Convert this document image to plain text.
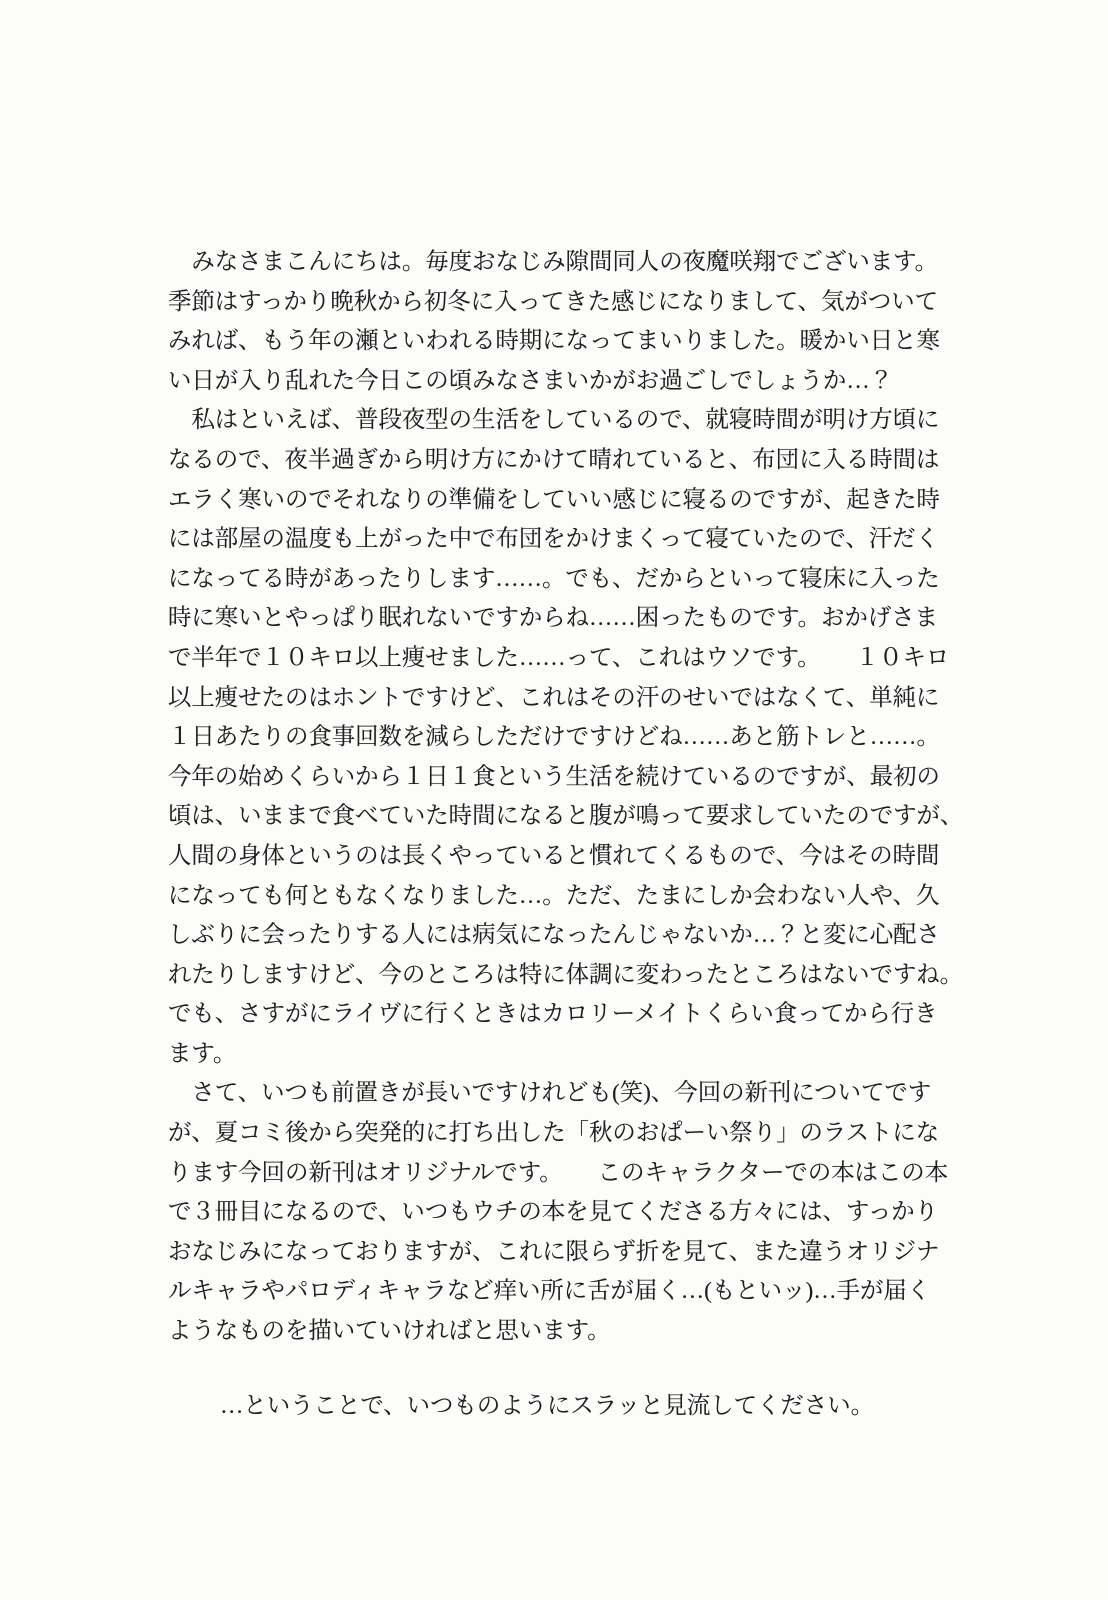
　みなさまこんにちは。毎度おなじみ隙間同人の夜魔咲翔でございます。
季節はすっかり晩秋から初冬に入ってきた感じになりまして、気がついて
みれば、もう年の瀬といわれる時期になってまいりました。暖かい日と寒
い日が入り乱れた今日この頃みなさまいかがお過ごしでしょうか…？
　私はといえば、普段夜型の生活をしているので、就寝時間が明け方頃に
なるので、夜半過ぎから明け方にかけて晴れていると、布団に入る時間は
エラく寒いのでそれなりの準備をしていい感じに寝るのですが、起きた時
には部屋の温度も上がった中で布団をかけまくって寝ていたので、汗だく
になってる時があったりします……。でも、だからといって寝床に入った
時に寒いとやっぱり眠れないですからね……困ったものです。おかげさま
で半年で１０キロ以上痩せました……って、これはウソです。　　１０キロ
以上痩せたのはホントですけど、これはその汗のせいではなくて、単純に
１日あたりの食事回数を減らしただけですけどね……あと筋トレと……。
今年の始めくらいから１日１食という生活を続けているのですが、最初の
頃は、いままで食べていた時間になると腹が鳴って要求していたのですが、
人間の身体というのは長くやっていると慣れてくるもので、今はその時間
になっても何ともなくなりました…。ただ、たまにしか会わない人や、久
しぶりに会ったりする人には病気になったんじゃないか…？と変に心配さ
れたりしますけど、今のところは特に体調に変わったところはないですね。
でも、さすがにライヴに行くときはカロリーメイトくらい食ってから行き
ます。
　さて、いつも前置きが長いですけれども(笑)、今回の新刊についてです
が、夏コミ後から突発的に打ち出した「秋のおぱーい祭り」のラストにな
ります今回の新刊はオリジナルです。　　このキャラクターでの本はこの本
で３冊目になるので、いつもウチの本を見てくださる方々には、すっかり
おなじみになっておりますが、これに限らず折を見て、また違うオリジナ
ルキャラやパロディキャラなど痒い所に舌が届く…(もといッ)…手が届く
ようなものを描いていければと思います。
…ということで、いつものようにスラッと見流してください。
